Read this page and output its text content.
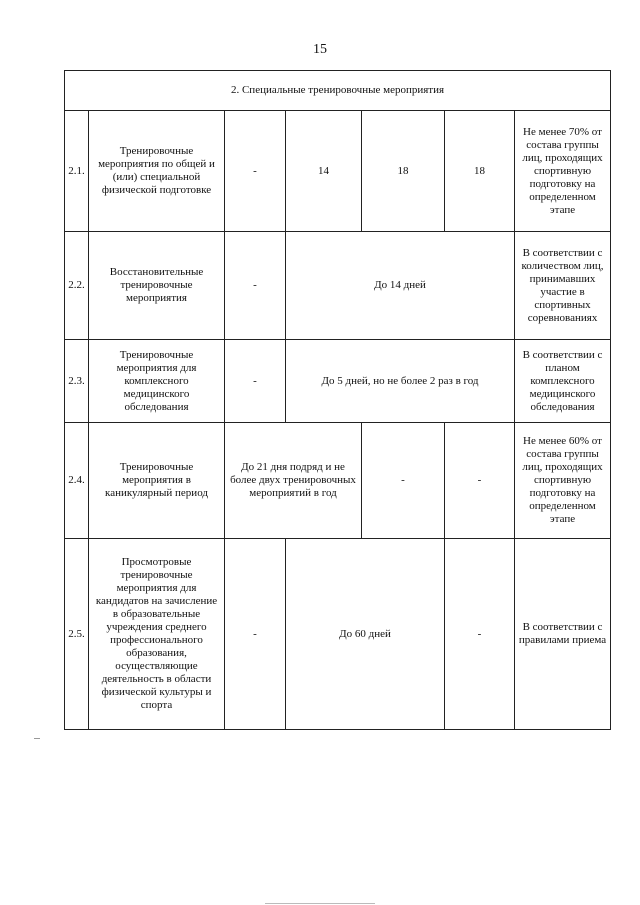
15
2. Специальные тренировочные мероприятия						
2.1.	Тренировочные мероприятия по общей и (или) специальной физической подготовке	-	14	18	18	Не менее 70% от состава группы лиц, проходящих спортивную подготовку на определенном этапе
2.2.	Восстановительные тренировочные мероприятия	-	До 14 дней			В соответствии с количеством лиц, принимавших участие в спортивных соревнованиях
2.3.	Тренировочные мероприятия для комплексного медицинского обследования	-	До 5 дней, но не более 2 раз в год			В соответствии с планом комплексного медицинского обследования
2.4.	Тренировочные мероприятия в каникулярный период	До 21 дня подряд и не более двух тренировочных мероприятий в год		-	-	Не менее 60% от состава группы лиц, проходящих спортивную подготовку на определенном этапе
2.5.	Просмотровые тренировочные мероприятия для кандидатов на зачисление в образовательные учреждения среднего профессионального образования, осуществляющие деятельность в области физической культуры и спорта	-	До 60 дней		-	В соответствии с правилами приема
